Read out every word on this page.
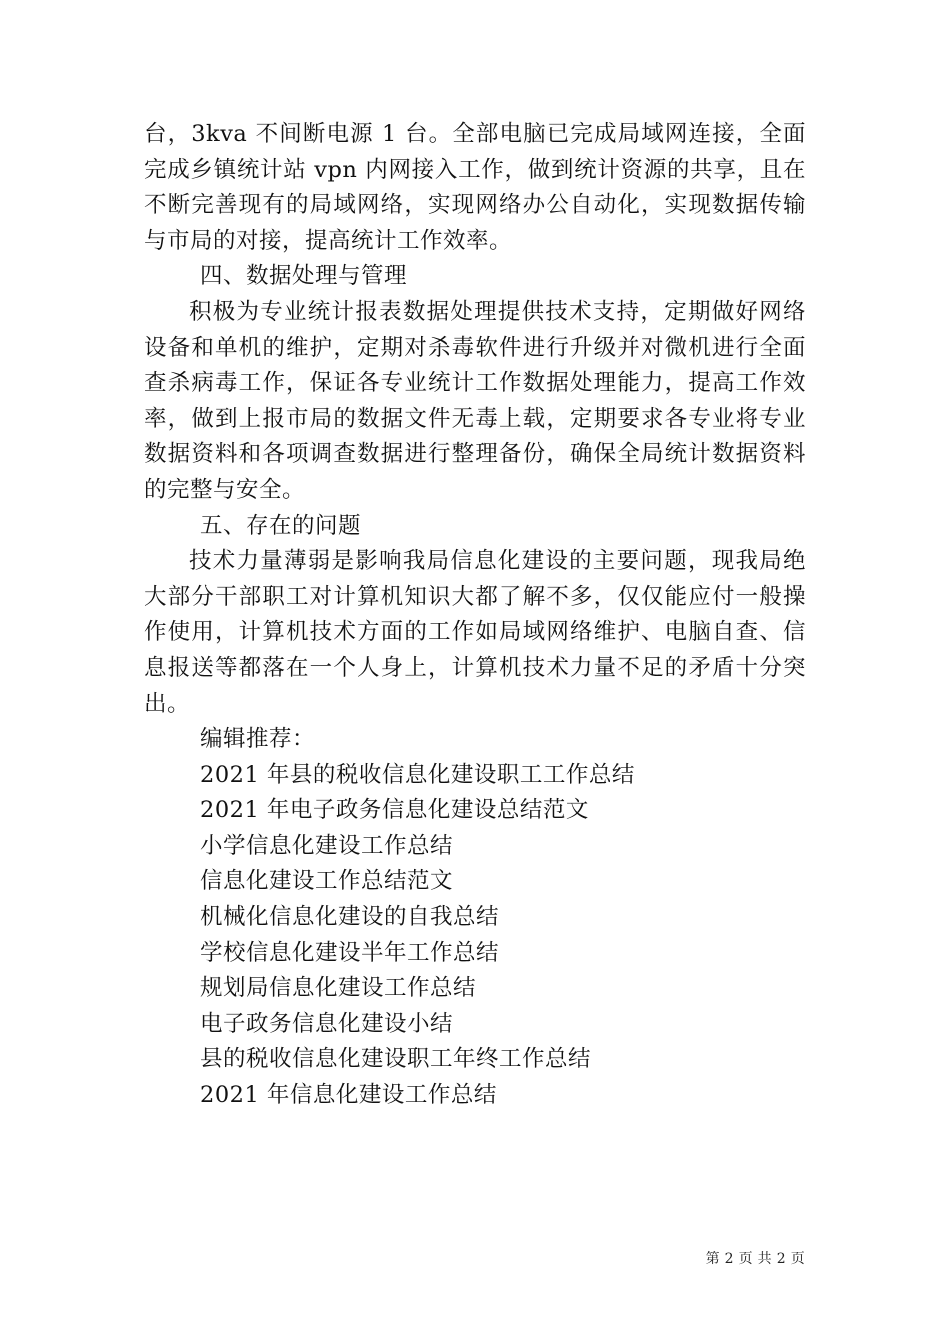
台，3kva 不间断电源 1 台。全部电脑已完成局域网连接，全面完成乡镇统计站 vpn 内网接入工作，做到统计资源的共享，且在不断完善现有的局域网络，实现网络办公自动化，实现数据传输与市局的对接，提高统计工作效率。

四、数据处理与管理

积极为专业统计报表数据处理提供技术支持，定期做好网络设备和单机的维护，定期对杀毒软件进行升级并对微机进行全面查杀病毒工作，保证各专业统计工作数据处理能力，提高工作效率，做到上报市局的数据文件无毒上载，定期要求各专业将专业数据资料和各项调查数据进行整理备份，确保全局统计数据资料的完整与安全。

五、存在的问题

技术力量薄弱是影响我局信息化建设的主要问题，现我局绝大部分干部职工对计算机知识大都了解不多，仅仅能应付一般操作使用，计算机技术方面的工作如局域网络维护、电脑自查、信息报送等都落在一个人身上，计算机技术力量不足的矛盾十分突出。

编辑推荐：

2021 年县的税收信息化建设职工工作总结

2021 年电子政务信息化建设总结范文

小学信息化建设工作总结

信息化建设工作总结范文

机械化信息化建设的自我总结

学校信息化建设半年工作总结

规划局信息化建设工作总结

电子政务信息化建设小结

县的税收信息化建设职工年终工作总结

2021 年信息化建设工作总结

第 2 页 共 2 页
